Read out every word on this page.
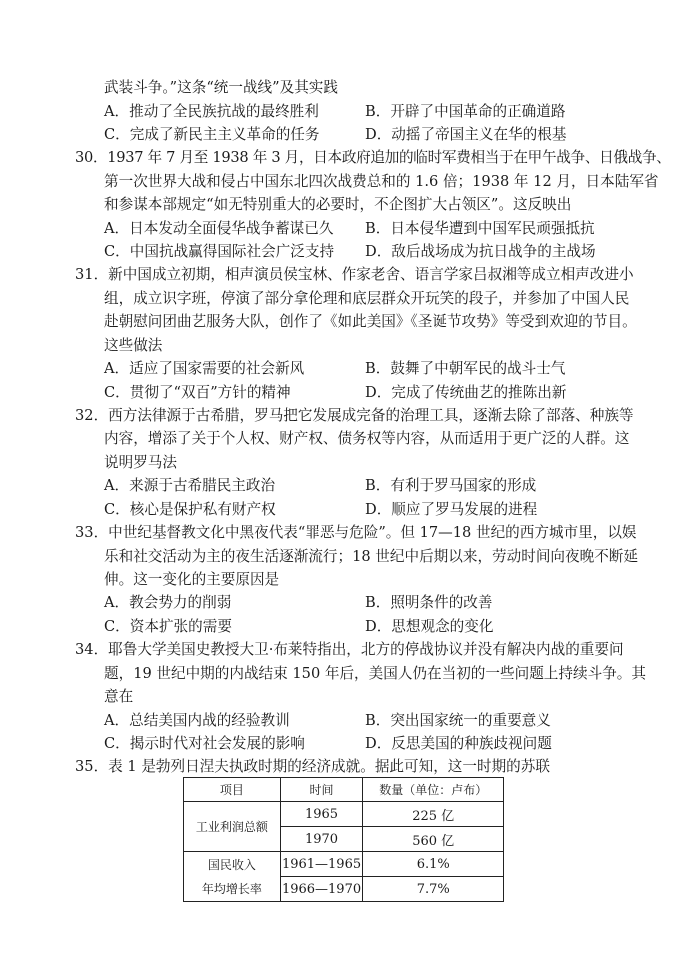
武装斗争。”这条“统一战线”及其实践
A．推动了全民族抗战的最终胜利	B．开辟了中国革命的正确道路
C．完成了新民主主义革命的任务	D．动摇了帝国主义在华的根基
30．1937 年 7 月至 1938 年 3 月，日本政府追加的临时军费相当于在甲午战争、日俄战争、
第一次世界大战和侵占中国东北四次战费总和的 1.6 倍；1938 年 12 月，日本陆军省
和参谋本部规定“如无特别重大的必要时，不企图扩大占领区”。这反映出
A．日本发动全面侵华战争蓄谋已久 B．日本侵华遭到中国军民顽强抵抗
C．中国抗战赢得国际社会广泛支持 D．敌后战场成为抗日战争的主战场
31．新中国成立初期，相声演员侯宝林、作家老舍、语言学家吕叔湘等成立相声改进小
组，成立识字班，停演了部分拿伦理和底层群众开玩笑的段子，并参加了中国人民
赴朝慰问团曲艺服务大队，创作了《如此美国》《圣诞节攻势》等受到欢迎的节目。
这些做法
A．适应了国家需要的社会新风	B．鼓舞了中朝军民的战斗士气
C．贯彻了“双百”方针的精神	D．完成了传统曲艺的推陈出新
32．西方法律源于古希腊，罗马把它发展成完备的治理工具，逐渐去除了部落、种族等
内容，增添了关于个人权、财产权、债务权等内容，从而适用于更广泛的人群。这
说明罗马法
A．来源于古希腊民主政治	B．有利于罗马国家的形成
C．核心是保护私有财产权	D．顺应了罗马发展的进程
33．中世纪基督教文化中黑夜代表“罪恶与危险”。但 17—18 世纪的西方城市里，以娱
乐和社交活动为主的夜生活逐渐流行；18 世纪中后期以来，劳动时间向夜晚不断延
伸。这一变化的主要原因是
A．教会势力的削弱	B．照明条件的改善
C．资本扩张的需要	D．思想观念的变化
34．耶鲁大学美国史教授大卫·布莱特指出，北方的停战协议并没有解决内战的重要问
题，19 世纪中期的内战结束 150 年后，美国人仍在当初的一些问题上持续斗争。其
意在
A．总结美国内战的经验教训	B．突出国家统一的重要意义
C．揭示时代对社会发展的影响	D．反思美国的种族歧视问题
35．表 1 是勃列日涅夫执政时期的经济成就。据此可知，这一时期的苏联
项目	时间	数量（单位：卢布）
工业利润总额	1965	225 亿
	1970	560 亿

国民收入
年均增长率	1961—1965	6.1%
	1966—1970	7.7%
